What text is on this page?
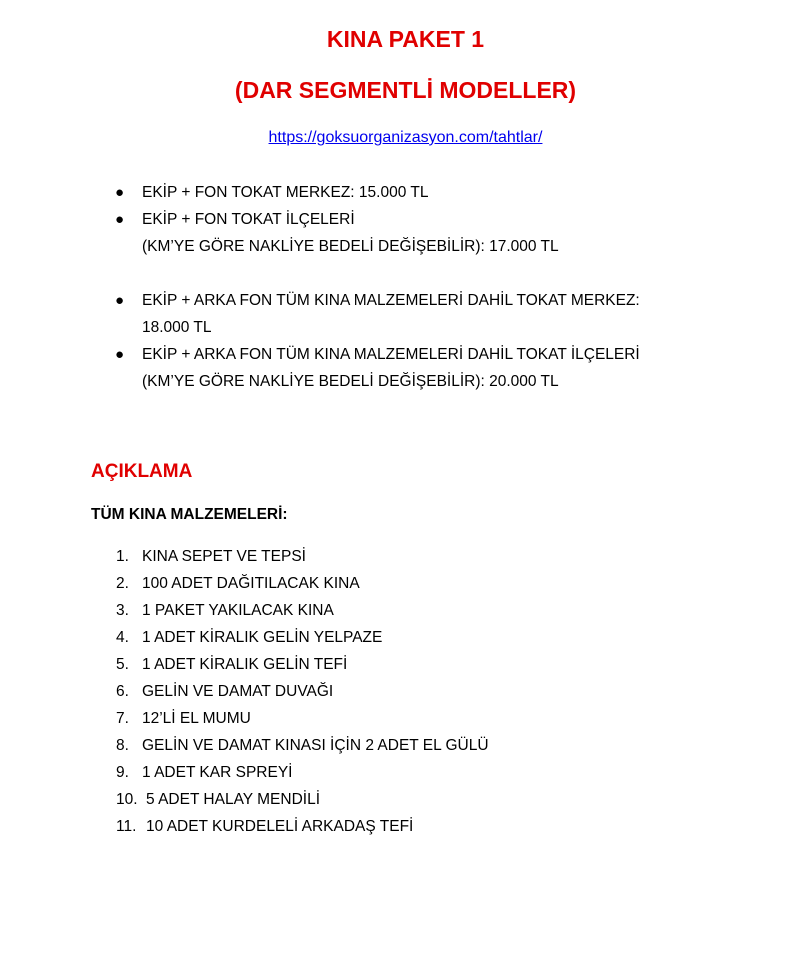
KINA PAKET 1
(DAR SEGMENTLİ MODELLER)
https://goksuorganizasyon.com/tahtlar/
● EKİP + FON TOKAT MERKEZ: 15.000 TL
● EKİP + FON TOKAT İLÇELERİ
(KM’YE GÖRE NAKLİYE BEDELİ DEĞİŞEBİLİR): 17.000 TL
● EKİP + ARKA FON TÜM KINA MALZEMELERİ DAHİL TOKAT MERKEZ:
18.000 TL
● EKİP + ARKA FON TÜM KINA MALZEMELERİ DAHİL TOKAT İLÇELERİ
(KM’YE GÖRE NAKLİYE BEDELİ DEĞİŞEBİLİR): 20.000 TL
AÇIKLAMA
TÜM KINA MALZEMELERİ:
1. KINA SEPET VE TEPSİ
2. 100 ADET DAĞITILACAK KINA
3. 1 PAKET YAKILACAK KINA
4. 1 ADET KİRALIK GELİN YELPAZE
5. 1 ADET KİRALIK GELİN TEFİ
6. GELİN VE DAMAT DUVAĞI
7. 12’Lİ EL MUMU
8. GELİN VE DAMAT KINASI İÇİN 2 ADET EL GÜLÜ
9. 1 ADET KAR SPREYİ
10. 5 ADET HALAY MENDİLİ
11. 10 ADET KURDELELİ ARKADAŞ TEFİ
